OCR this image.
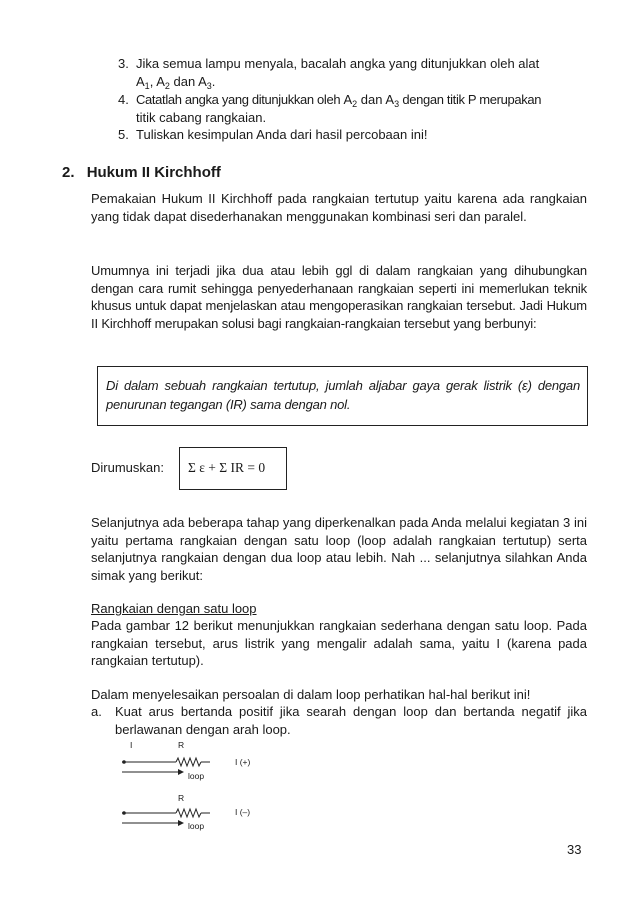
3. Jika semua lampu menyala, bacalah angka yang ditunjukkan oleh alat
$A_1$, $A_2$ dan $A_3$.
4. Catatlah angka yang ditunjukkan oleh $A_2$ dan $A_3$ dengan titik P merupakan
titik cabang rangkaian.
5. Tuliskan kesimpulan Anda dari hasil percobaan ini!
2. Hukum II Kirchhoff
Pemakaian Hukum II Kirchhoff pada rangkaian tertutup yaitu karena ada rangkaian yang tidak dapat disederhanakan menggunakan kombinasi seri dan paralel.
Umumnya ini terjadi jika dua atau lebih ggl di dalam rangkaian yang dihubungkan dengan cara rumit sehingga penyederhanaan rangkaian seperti ini memerlukan teknik khusus untuk dapat menjelaskan atau mengoperasikan rangkaian tersebut. Jadi Hukum II Kirchhoff merupakan solusi bagi rangkaian-rangkaian tersebut yang berbunyi:
Di dalam sebuah rangkaian tertutup, jumlah aljabar gaya gerak listrik (ε) dengan penurunan tegangan (IR) sama dengan nol.
Dirumuskan: Σ ε + Σ IR = 0
Selanjutnya ada beberapa tahap yang diperkenalkan pada Anda melalui kegiatan 3 ini yaitu pertama rangkaian dengan satu loop (loop adalah rangkaian tertutup) serta selanjutnya rangkaian dengan dua loop atau lebih. Nah ... selanjutnya silahkan Anda simak yang berikut:
Rangkaian dengan satu loop
Pada gambar 12 berikut menunjukkan rangkaian sederhana dengan satu loop. Pada rangkaian tersebut, arus listrik yang mengalir adalah sama, yaitu I (karena pada rangkaian tertutup).
Dalam menyelesaikan persoalan di dalam loop perhatikan hal-hal berikut ini!
a. Kuat arus bertanda positif jika searah dengan loop dan bertanda negatif jika berlawanan dengan arah loop.
I	R
loop
I (+)
R
loop
I (–)
33
